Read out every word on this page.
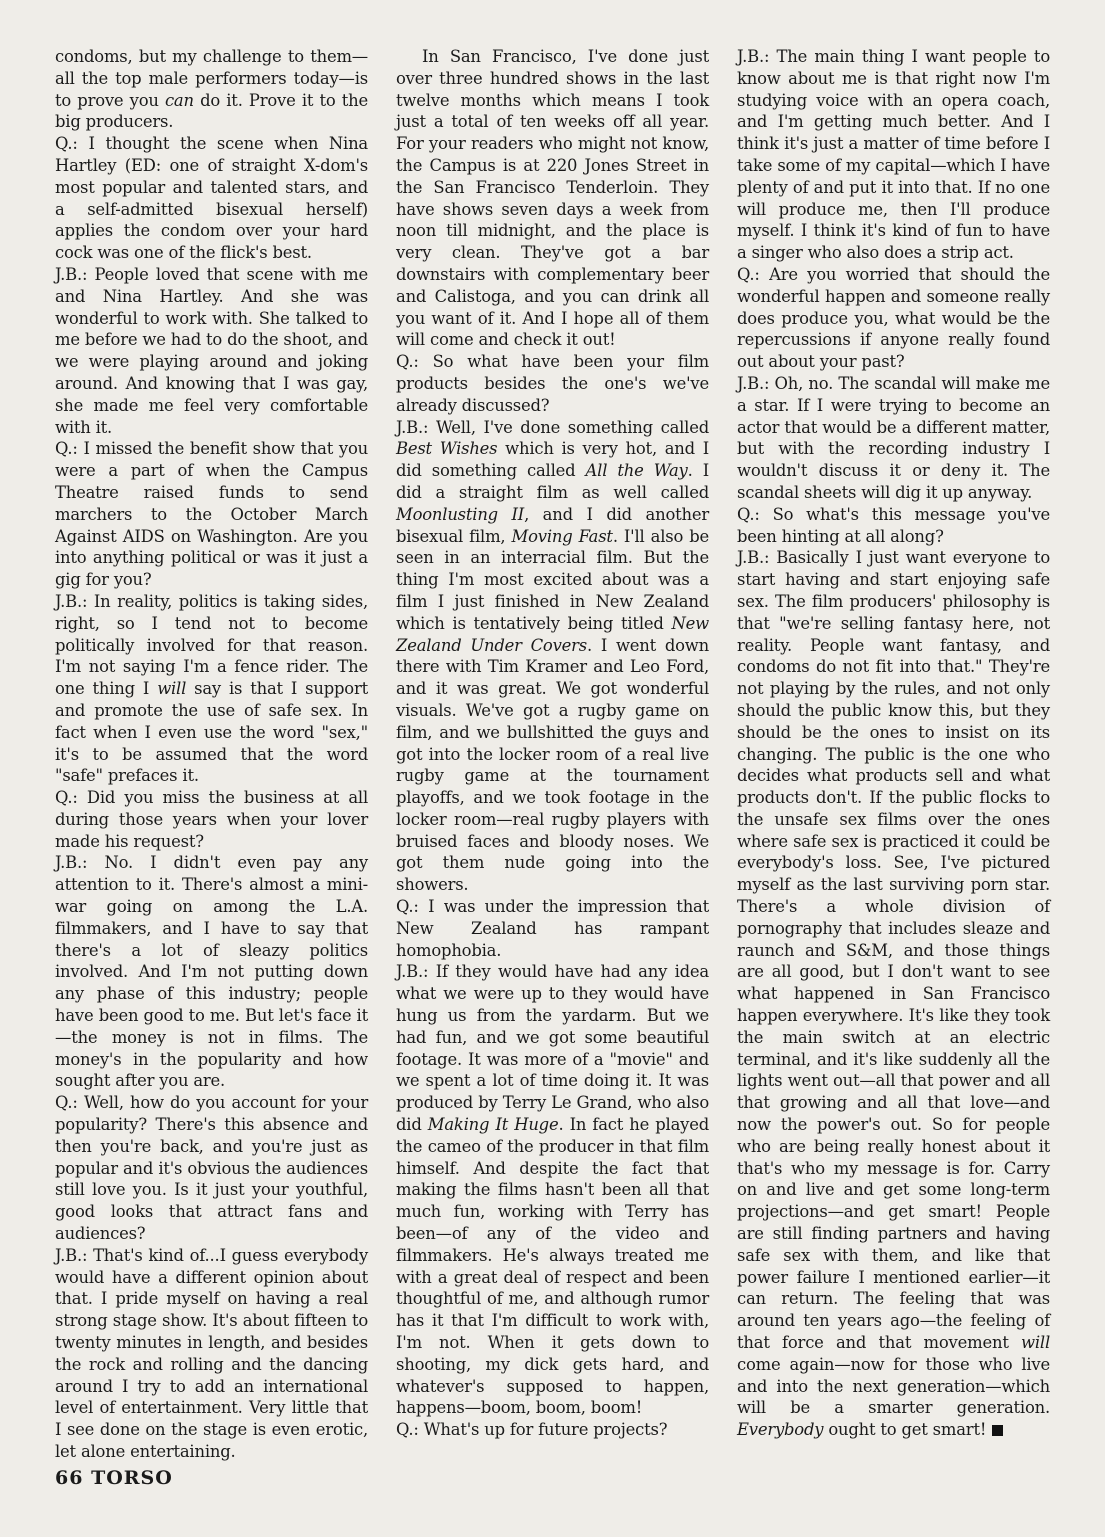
condoms, but my challenge to them—all the top male performers today—is to prove you can do it. Prove it to the big producers.

Q.: I thought the scene when Nina Hartley (ED: one of straight X-dom's most popular and talented stars, and a self-admitted bisexual herself) applies the condom over your hard cock was one of the flick's best.

J.B.: People loved that scene with me and Nina Hartley. And she was wonderful to work with. She talked to me before we had to do the shoot, and we were playing around and joking around. And knowing that I was gay, she made me feel very comfortable with it.

Q.: I missed the benefit show that you were a part of when the Campus Theatre raised funds to send marchers to the October March Against AIDS on Washington. Are you into anything political or was it just a gig for you?

J.B.: In reality, politics is taking sides, right, so I tend not to become politically involved for that reason. I'm not saying I'm a fence rider. The one thing I will say is that I support and promote the use of safe sex. In fact when I even use the word "sex," it's to be assumed that the word "safe" prefaces it.

Q.: Did you miss the business at all during those years when your lover made his request?

J.B.: No. I didn't even pay any attention to it. There's almost a mini-war going on among the L.A. filmmakers, and I have to say that there's a lot of sleazy politics involved. And I'm not putting down any phase of this industry; people have been good to me. But let's face it—the money is not in films. The money's in the popularity and how sought after you are.

Q.: Well, how do you account for your popularity? There's this absence and then you're back, and you're just as popular and it's obvious the audiences still love you. Is it just your youthful, good looks that attract fans and audiences?

J.B.: That's kind of...I guess everybody would have a different opinion about that. I pride myself on having a real strong stage show. It's about fifteen to twenty minutes in length, and besides the rock and rolling and the dancing around I try to add an international level of entertainment. Very little that I see done on the stage is even erotic, let alone entertaining.

In San Francisco, I've done just over three hundred shows in the last twelve months which means I took just a total of ten weeks off all year. For your readers who might not know, the Campus is at 220 Jones Street in the San Francisco Tenderloin. They have shows seven days a week from noon till midnight, and the place is very clean. They've got a bar downstairs with complementary beer and Calistoga, and you can drink all you want of it. And I hope all of them will come and check it out!

Q.: So what have been your film products besides the one's we've already discussed?

J.B.: Well, I've done something called Best Wishes which is very hot, and I did something called All the Way. I did a straight film as well called Moonlusting II, and I did another bisexual film, Moving Fast. I'll also be seen in an interracial film. But the thing I'm most excited about was a film I just finished in New Zealand which is tentatively being titled New Zealand Under Covers. I went down there with Tim Kramer and Leo Ford, and it was great. We got wonderful visuals. We've got a rugby game on film, and we bullshitted the guys and got into the locker room of a real live rugby game at the tournament playoffs, and we took footage in the locker room—real rugby players with bruised faces and bloody noses. We got them nude going into the showers.

Q.: I was under the impression that New Zealand has rampant homophobia.

J.B.: If they would have had any idea what we were up to they would have hung us from the yardarm. But we had fun, and we got some beautiful footage. It was more of a "movie" and we spent a lot of time doing it. It was produced by Terry Le Grand, who also did Making It Huge. In fact he played the cameo of the producer in that film himself. And despite the fact that making the films hasn't been all that much fun, working with Terry has been—of any of the video and filmmakers. He's always treated me with a great deal of respect and been thoughtful of me, and although rumor has it that I'm difficult to work with, I'm not. When it gets down to shooting, my dick gets hard, and whatever's supposed to happen, happens—boom, boom, boom!

Q.: What's up for future projects?

J.B.: The main thing I want people to know about me is that right now I'm studying voice with an opera coach, and I'm getting much better. And I think it's just a matter of time before I take some of my capital—which I have plenty of and put it into that. If no one will produce me, then I'll produce myself. I think it's kind of fun to have a singer who also does a strip act.

Q.: Are you worried that should the wonderful happen and someone really does produce you, what would be the repercussions if anyone really found out about your past?

J.B.: Oh, no. The scandal will make me a star. If I were trying to become an actor that would be a different matter, but with the recording industry I wouldn't discuss it or deny it. The scandal sheets will dig it up anyway.

Q.: So what's this message you've been hinting at all along?

J.B.: Basically I just want everyone to start having and start enjoying safe sex. The film producers' philosophy is that "we're selling fantasy here, not reality. People want fantasy, and condoms do not fit into that." They're not playing by the rules, and not only should the public know this, but they should be the ones to insist on its changing. The public is the one who decides what products sell and what products don't. If the public flocks to the unsafe sex films over the ones where safe sex is practiced it could be everybody's loss. See, I've pictured myself as the last surviving porn star. There's a whole division of pornography that includes sleaze and raunch and S&M, and those things are all good, but I don't want to see what happened in San Francisco happen everywhere. It's like they took the main switch at an electric terminal, and it's like suddenly all the lights went out—all that power and all that growing and all that love—and now the power's out. So for people who are being really honest about it that's who my message is for. Carry on and live and get some long-term projections—and get smart! People are still finding partners and having safe sex with them, and like that power failure I mentioned earlier—it can return. The feeling that was around ten years ago—the feeling of that force and that movement will come again—now for those who live and into the next generation—which will be a smarter generation. Everybody ought to get smart!

66 TORSO
